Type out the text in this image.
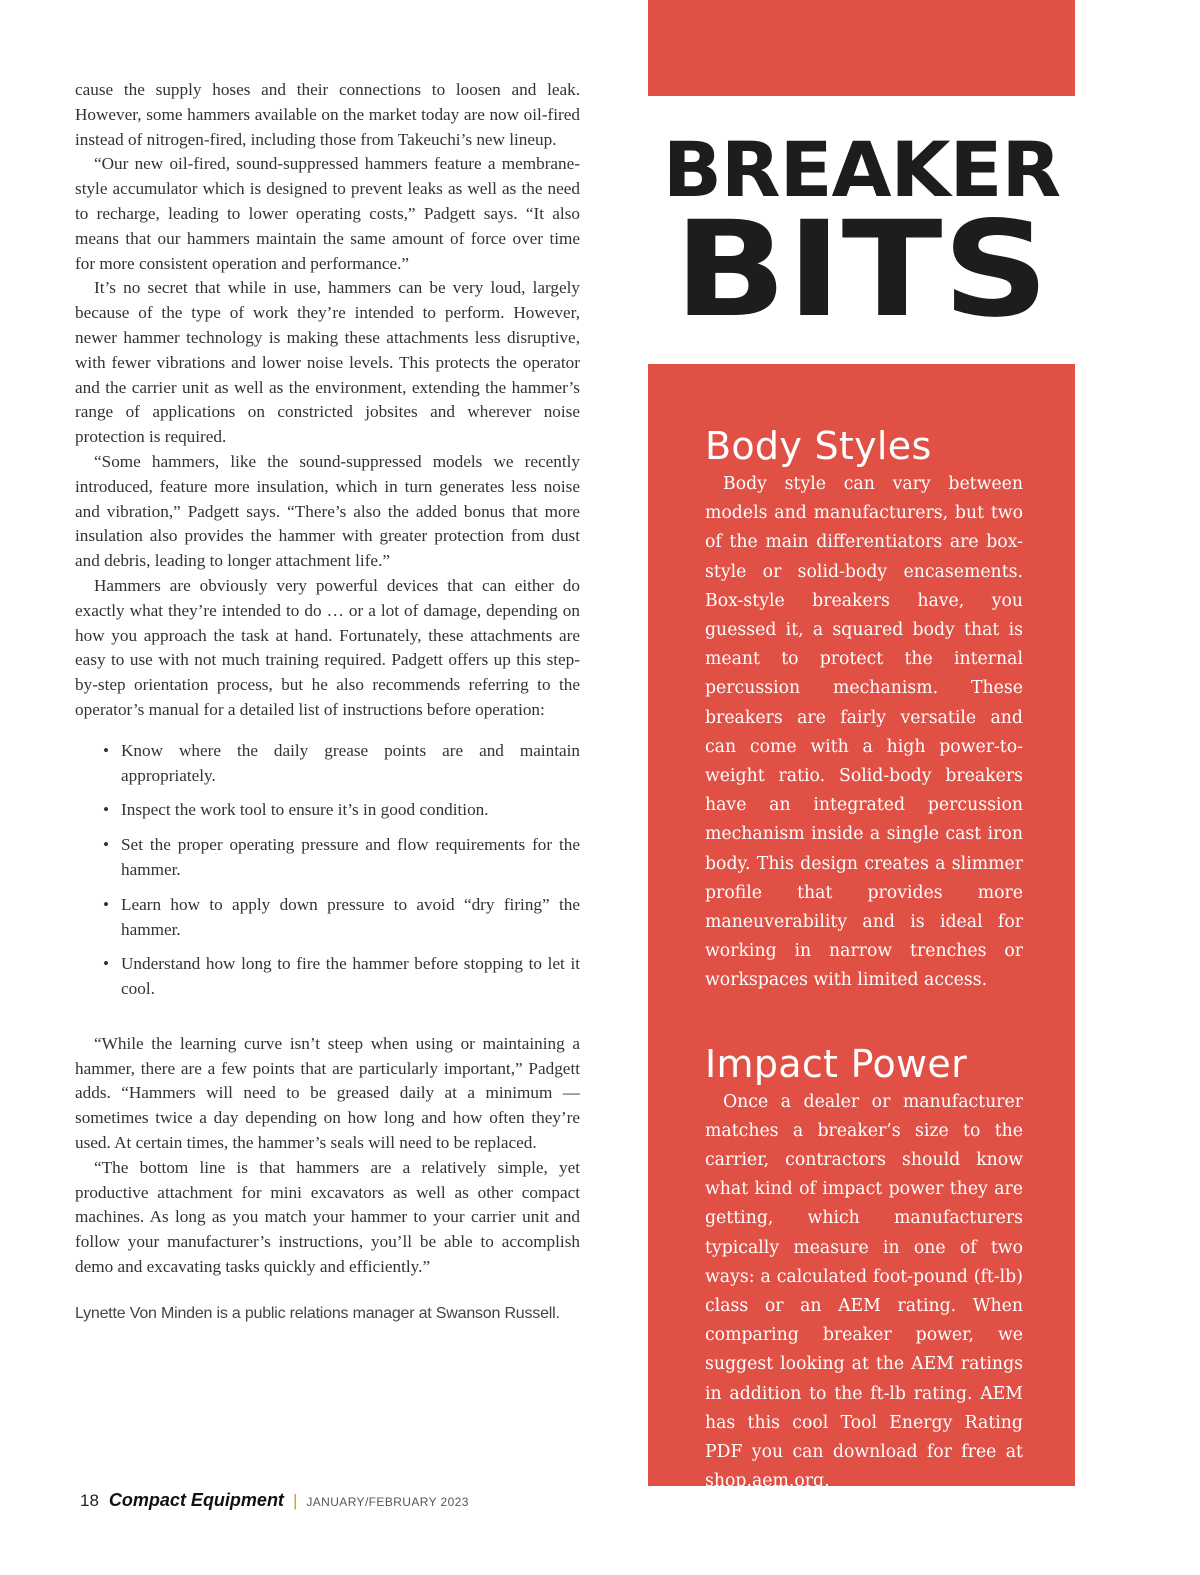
BREAKER
BITS

cause the supply hoses and their connections to loosen and leak. However, some hammers available on the market today are now oil-fired instead of nitrogen-fired, including those from Takeuchi’s new lineup.

“Our new oil-fired, sound-suppressed hammers feature a membrane-style accumulator which is designed to prevent leaks as well as the need to recharge, leading to lower operating costs,” Padgett says. “It also means that our hammers maintain the same amount of force over time for more consistent operation and performance.”

It’s no secret that while in use, hammers can be very loud, largely because of the type of work they’re intended to perform. However, newer hammer technology is making these attachments less disruptive, with fewer vibrations and lower noise levels. This protects the operator and the carrier unit as well as the environment, extending the hammer’s range of applications on constricted jobsites and wherever noise protection is required.

“Some hammers, like the sound-suppressed models we recently introduced, feature more insulation, which in turn generates less noise and vibration,” Padgett says. “There’s also the added bonus that more insulation also provides the hammer with greater protection from dust and debris, leading to longer attachment life.”

Hammers are obviously very powerful devices that can either do exactly what they’re intended to do … or a lot of damage, depending on how you approach the task at hand. Fortunately, these attachments are easy to use with not much training required. Padgett offers up this step-by-step orientation process, but he also recommends referring to the operator’s manual for a detailed list of instructions before operation:

• Know where the daily grease points are and maintain appropriately.
• Inspect the work tool to ensure it’s in good condition.
• Set the proper operating pressure and flow requirements for the hammer.
• Learn how to apply down pressure to avoid “dry firing” the hammer.
• Understand how long to fire the hammer before stopping to let it cool.

“While the learning curve isn’t steep when using or maintaining a hammer, there are a few points that are particularly important,” Padgett adds. “Hammers will need to be greased daily at a minimum — sometimes twice a day depending on how long and how often they’re used. At certain times, the hammer’s seals will need to be replaced.

“The bottom line is that hammers are a relatively simple, yet productive attachment for mini excavators as well as other compact machines. As long as you match your hammer to your carrier unit and follow your manufacturer’s instructions, you’ll be able to accomplish demo and excavating tasks quickly and efficiently.”

Lynette Von Minden is a public relations manager at Swanson Russell.
Body Styles

Body style can vary between models and manufacturers, but two of the main differentiators are box-style or solid-body encasements. Box-style breakers have, you guessed it, a squared body that is meant to protect the internal percussion mechanism. These breakers are fairly versatile and can come with a high power-to-weight ratio. Solid-body breakers have an integrated percussion mechanism inside a single cast iron body. This design creates a slimmer profile that provides more maneuverability and is ideal for working in narrow trenches or workspaces with limited access.

Impact Power

Once a dealer or manufacturer matches a breaker’s size to the carrier, contractors should know what kind of impact power they are getting, which manufacturers typically measure in one of two ways: a calculated foot-pound (ft-lb) class or an AEM rating. When comparing breaker power, we suggest looking at the AEM ratings in addition to the ft-lb rating. AEM has this cool Tool Energy Rating PDF you can download for free at shop.aem.org.

18 Compact Equipment | JANUARY/FEBRUARY 2023
